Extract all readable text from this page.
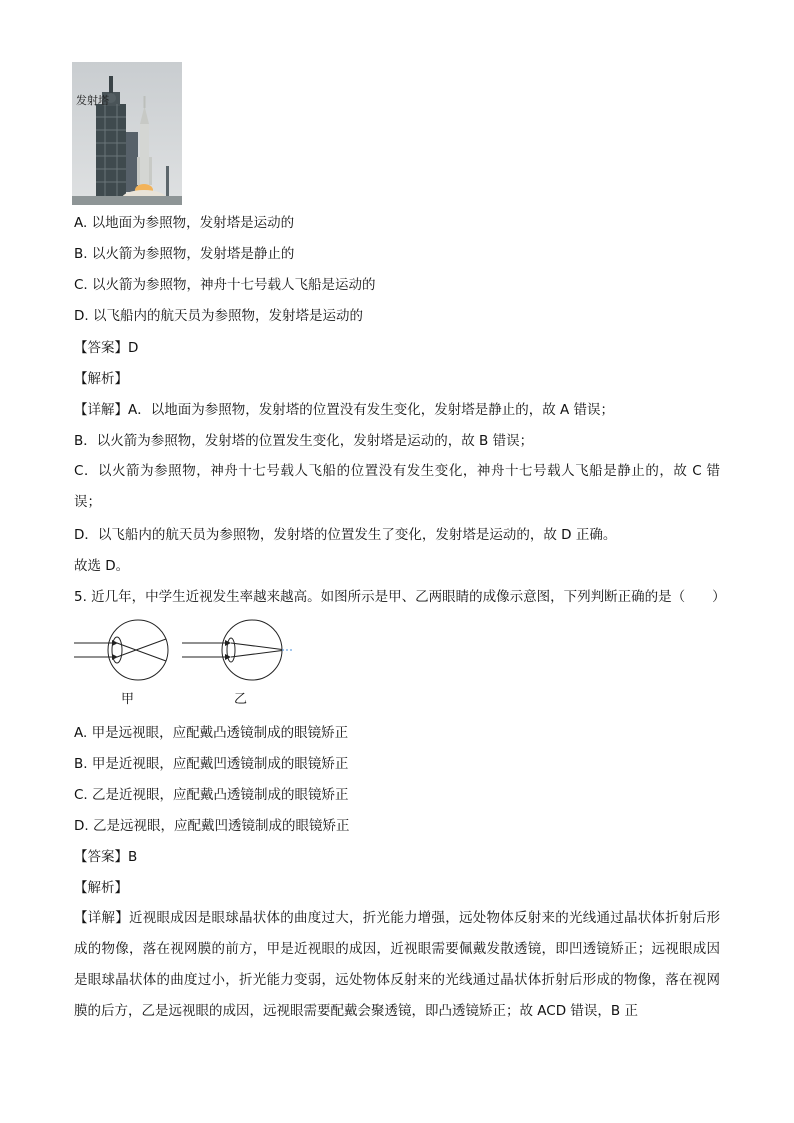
发射塔
A. 以地面为参照物，发射塔是运动的
B. 以火箭为参照物，发射塔是静止的
C. 以火箭为参照物，神舟十七号载人飞船是运动的
D. 以飞船内的航天员为参照物，发射塔是运动的
【答案】D
【解析】
【详解】A．以地面为参照物，发射塔的位置没有发生变化，发射塔是静止的，故 A 错误；
B．以火箭为参照物，发射塔的位置发生变化，发射塔是运动的，故 B 错误；
C．以火箭为参照物，神舟十七号载人飞船的位置没有发生变化，神舟十七号载人飞船是静止的，故 C 错误；
D．以飞船内的航天员为参照物，发射塔的位置发生了变化，发射塔是运动的，故 D 正确。
故选 D。
5. 近几年，中学生近视发生率越来越高。如图所示是甲、乙两眼睛的成像示意图，下列判断正确的是（　　）
甲	乙
A. 甲是远视眼，应配戴凸透镜制成的眼镜矫正
B. 甲是近视眼，应配戴凹透镜制成的眼镜矫正
C. 乙是近视眼，应配戴凸透镜制成的眼镜矫正
D. 乙是远视眼，应配戴凹透镜制成的眼镜矫正
【答案】B
【解析】
【详解】近视眼成因是眼球晶状体的曲度过大，折光能力增强，远处物体反射来的光线通过晶状体折射后形成的物像，落在视网膜的前方，甲是近视眼的成因，近视眼需要佩戴发散透镜，即凹透镜矫正；远视眼成因是眼球晶状体的曲度过小，折光能力变弱，远处物体反射来的光线通过晶状体折射后形成的物像，落在视网膜的后方，乙是远视眼的成因，远视眼需要配戴会聚透镜，即凸透镜矫正；故 ACD 错误，B 正
